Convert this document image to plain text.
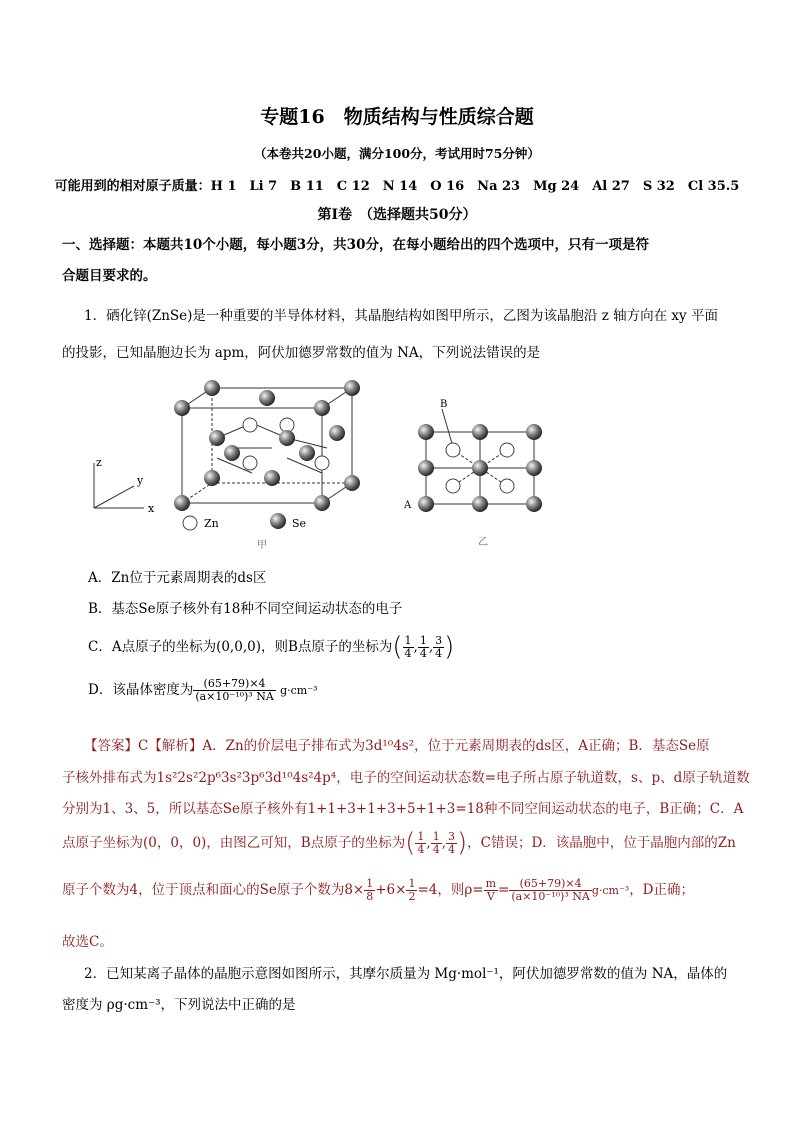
专题16　物质结构与性质综合题
（本卷共20小题，满分100分，考试用时75分钟）
可能用到的相对原子质量：H 1　Li 7　B 11　C 12　N 14　O 16　Na 23　Mg 24　Al 27　S 32　Cl 35.5
第Ⅰ卷　（选择题共50分）
一、选择题：本题共10个小题，每小题3分，共30分，在每小题给出的四个选项中，只有一项是符
合题目要求的。
1．硒化锌(ZnSe)是一种重要的半导体材料，其晶胞结构如图甲所示，乙图为该晶胞沿 z 轴方向在 xy 平面
的投影，已知晶胞边长为 apm，阿伏加德罗常数的值为 NA，下列说法错误的是
z
y
x
Zn	Se
甲
B
A
乙
A．Zn位于元素周期表的ds区
B．基态Se原子核外有18种不同空间运动状态的电子
C．A点原子的坐标为(0,0,0)，则B点原子的坐标为( $\frac{1}{4}$ , $\frac{1}{4}$ , $\frac{3}{4}$ )
D．该晶体密度为 $\frac{(65+79)\times 4}{\text{(a×10⁻¹⁰)³ NA}} g\cdot cm^{-3}$
【答案】C【解析】A．Zn的价层电子排布式为3d¹⁰4s²，位于元素周期表的ds区，A正确；B．基态Se原
子核外排布式为1s²2s²2p⁶3s²3p⁶3d¹⁰4s²4p⁴，电子的空间运动状态数=电子所占原子轨道数，s、p、d原子轨道数
分别为1、3、5，所以基态Se原子核外有1+1+3+1+3+5+1+3=18种不同空间运动状态的电子，B正确；C．A
点原子坐标为(0，0，0)，由图乙可知，B点原子的坐标为( $\frac{1}{4}$ , $\frac{1}{4}$ , $\frac{3}{4}$ )，C错误；D．该晶胞中，位于晶胞内部的Zn
原子个数为4，位于顶点和面心的Se原子个数为$8\times \frac{1}{8} +6\times \frac{1}{2} =4$，则$\rho= \frac{m}{V} = \frac{(65+79)\times 4}{\text{(a×10⁻¹⁰)³ NA}} g\cdot cm^{-3}$，D正确；
故选C。
2．已知某离子晶体的晶胞示意图如图所示，其摩尔质量为 Mg·mol⁻¹，阿伏加德罗常数的值为 NA，晶体的
密度为 ρg·cm⁻³，下列说法中正确的是
